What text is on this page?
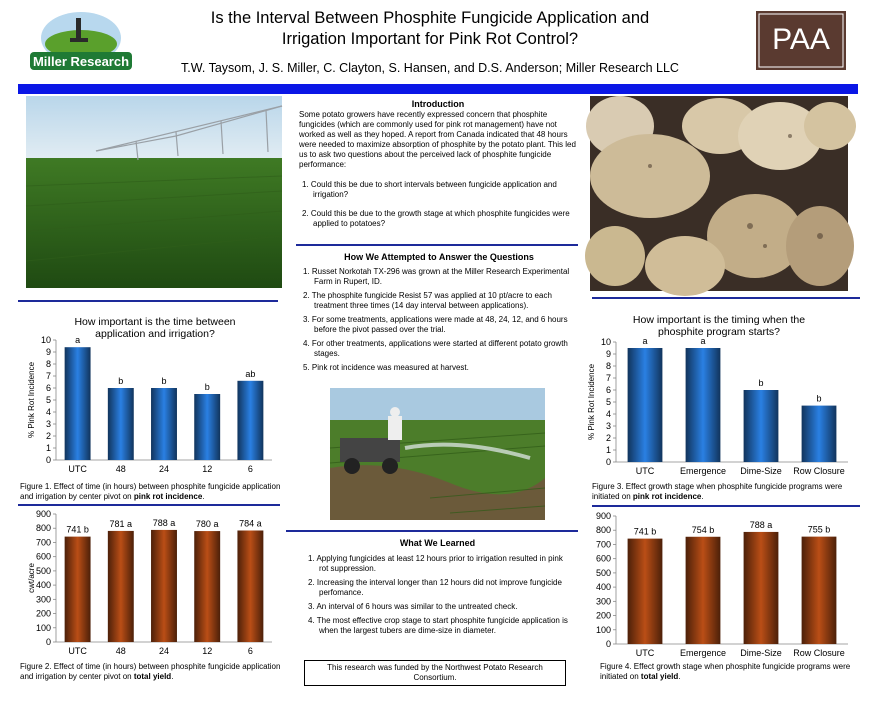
Miller Research
Is the Interval Between Phosphite Fungicide Application and
Irrigation Important for Pink Rot Control?
T.W. Taysom, J. S. Miller, C. Clayton, S. Hansen, and D.S. Anderson; Miller Research LLC
PAA
Introduction
Some potato growers have recently expressed concern that phosphite fungicides (which are commonly used for pink rot management) have not worked as well as they hoped. A report from Canada indicated that 48 hours were needed to maximize absorption of phosphite by the potato plant. This led us to ask two questions about the perceived lack of phosphite fungicide performance:
1. Could this be due to short intervals between fungicide application and irrigation?
2. Could this be due to the growth stage at which phosphite fungicides were applied to potatoes?
How We Attempted to Answer the Questions
1. Russet Norkotah TX-296 was grown at the Miller Research Experimental Farm in Rupert, ID.
2. The phosphite fungicide Resist 57 was applied at 10 pt/acre to each treatment three times (14 day interval between applications).
3. For some treatments, applications were made at 48, 24, 12, and 6 hours before the pivot passed over the trial.
4. For other treatments, applications were started at different potato growth stages.
5. Pink rot incidence was measured at harvest.
What We Learned
1. Applying fungicides at least 12 hours prior to irrigation resulted in pink rot suppression.
2. Increasing the interval longer than 12 hours did not improve fungicide perfomance.
3. An interval of 6 hours was similar to the untreated check.
4. The most effective crop stage to start phosphite fungicide application is when the largest tubers are dime-size in diameter.
This research was funded by the Northwest Potato Research Consortium.
How important is the time between
application and irrigation?
0
1
2
3
4
5
6
7
8
9
10
% Pink Rot Incidence
a
UTC
b
48
b
24
b
12
ab
6
Figure 1. Effect of time (in hours) between phosphite fungicide application and irrigation by center pivot on pink rot incidence.
0
100
200
300
400
500
600
700
800
900
cwt/acre
741 b
UTC
781 a
48
788 a
24
780 a
12
784 a
6
Figure 2. Effect of time (in hours) between phosphite fungicide application and irrigation by center pivot on total yield.
How important is the timing when the
phosphite program starts?
0
1
2
3
4
5
6
7
8
9
10
% Pink Rot Incidence
a
UTC
a
Emergence
b
Dime-Size
b
Row Closure
Figure 3. Effect growth stage when phosphite fungicide programs were initiated on pink rot incidence.
0
100
200
300
400
500
600
700
800
900
741 b
UTC
754 b
Emergence
788 a
Dime-Size
755 b
Row Closure
Figure 4. Effect growth stage when phosphite fungicide programs were initiated on total yield.
